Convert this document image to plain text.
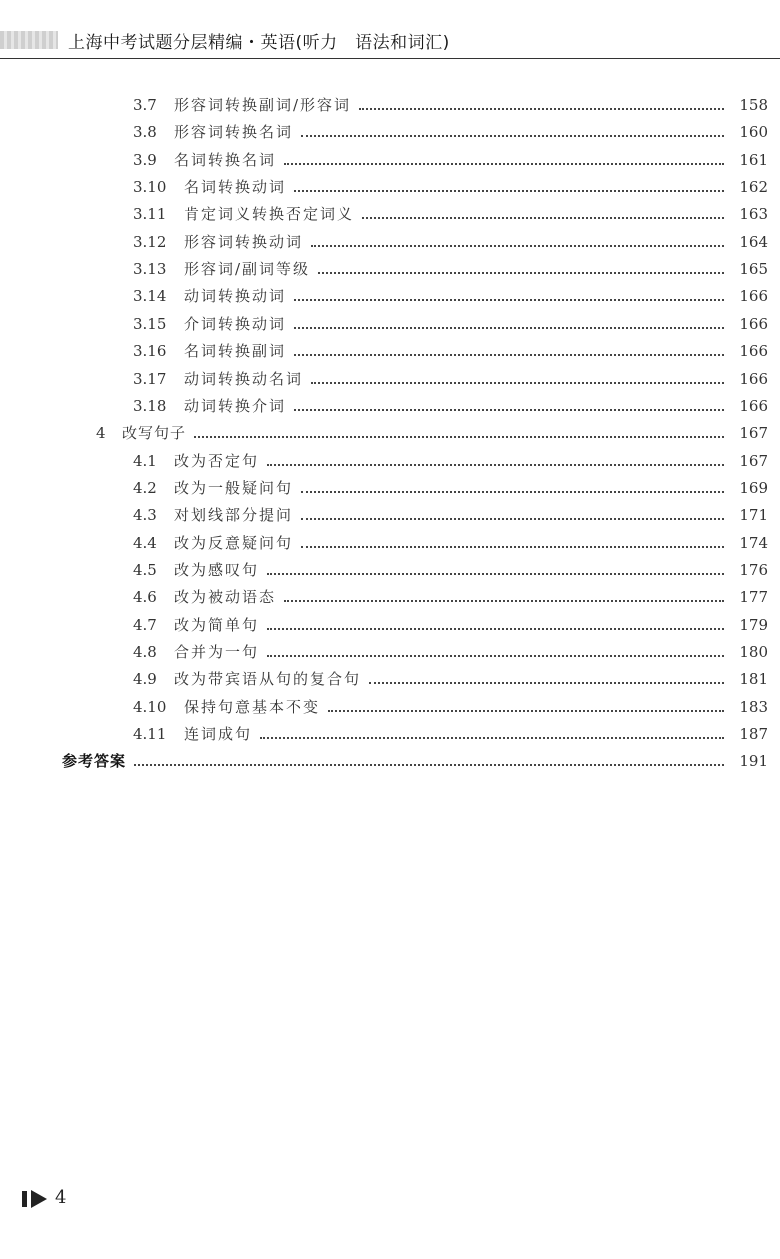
上海中考试题分层精编・英语(听力　语法和词汇)
3.7 形容词转换副词/形容词	158
3.8 形容词转换名词	160
3.9 名词转换名词	161
3.10 名词转换动词	162
3.11 肯定词义转换否定词义	163
3.12 形容词转换动词	164
3.13 形容词/副词等级	165
3.14 动词转换动词	166
3.15 介词转换动词	166
3.16 名词转换副词	166
3.17 动词转换动名词	166
3.18 动词转换介词	166
4 改写句子	167
4.1 改为否定句	167
4.2 改为一般疑问句	169
4.3 对划线部分提问	171
4.4 改为反意疑问句	174
4.5 改为感叹句	176
4.6 改为被动语态	177
4.7 改为简单句	179
4.8 合并为一句	180
4.9 改为带宾语从句的复合句	181
4.10 保持句意基本不变	183
4.11 连词成句	187
参考答案	191
4
